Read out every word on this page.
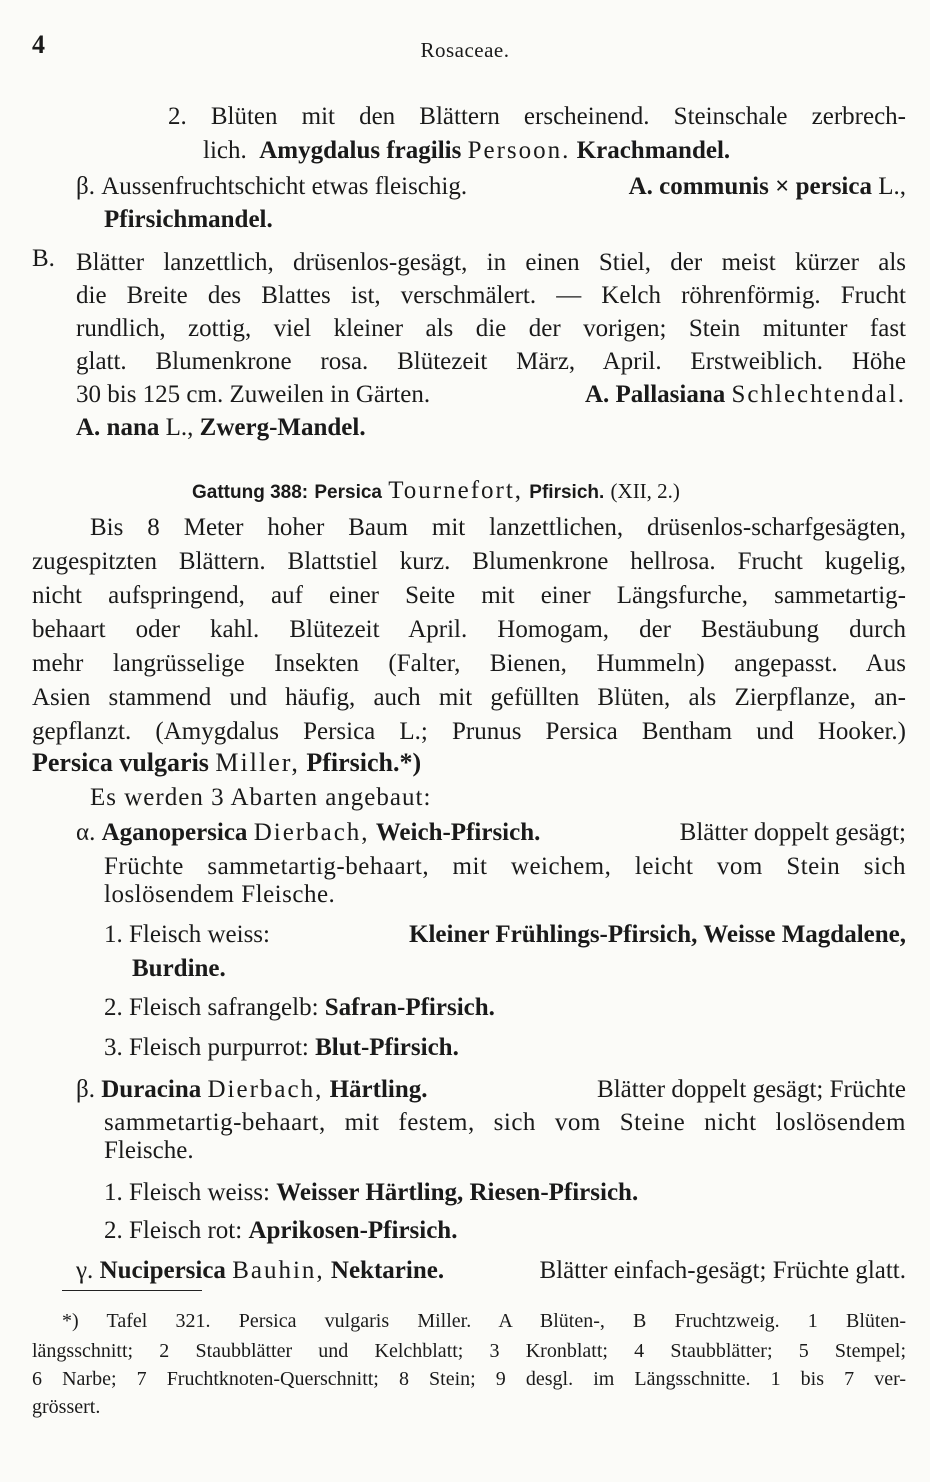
4	Rosaceae.
2. Blüten mit den Blättern erscheinend. Steinschale zerbrech-
lich. Amygdalus fragilis Persoon. Krachmandel.
β. Aussenfruchtschicht etwas fleischig.	A. communis × persica L.,
Pfirsichmandel.
B. Blätter lanzettlich, drüsenlos-gesägt, in einen Stiel, der meist kürzer als
die Breite des Blattes ist, verschmälert. — Kelch röhrenförmig. Frucht
rundlich, zottig, viel kleiner als die der vorigen; Stein mitunter fast
glatt. Blumenkrone rosa. Blütezeit März, April. Erstweiblich. Höhe
30 bis 125 cm. Zuweilen in Gärten.	A. Pallasiana Schlechtendal.
A. nana L., Zwerg-Mandel.
Gattung 388: Persica Tournefort, Pfirsich. (XII, 2.)
Bis 8 Meter hoher Baum mit lanzettlichen, drüsenlos-scharfgesägten,
zugespitzten Blättern. Blattstiel kurz. Blumenkrone hellrosa. Frucht kugelig,
nicht aufspringend, auf einer Seite mit einer Längsfurche, sammetartig-
behaart oder kahl. Blütezeit April. Homogam, der Bestäubung durch
mehr langrüsselige Insekten (Falter, Bienen, Hummeln) angepasst. Aus
Asien stammend und häufig, auch mit gefüllten Blüten, als Zierpflanze, an-
gepflanzt. (Amygdalus Persica L.; Prunus Persica Bentham und Hooker.)
Persica vulgaris Miller, Pfirsich.*)
Es werden 3 Abarten angebaut:
α. Aganopersica Dierbach, Weich-Pfirsich.	Blätter doppelt gesägt;
Früchte sammetartig-behaart, mit weichem, leicht vom Stein sich
loslösendem Fleische.
1. Fleisch weiss:	Kleiner Frühlings-Pfirsich, Weisse Magdalene,
Burdine.
2. Fleisch safrangelb: Safran-Pfirsich.
3. Fleisch purpurrot: Blut-Pfirsich.
β. Duracina Dierbach, Härtling.	Blätter doppelt gesägt; Früchte
sammetartig-behaart, mit festem, sich vom Steine nicht loslösendem
Fleische.
1. Fleisch weiss: Weisser Härtling, Riesen-Pfirsich.
2. Fleisch rot: Aprikosen-Pfirsich.
γ. Nucipersica Bauhin, Nektarine.	Blätter einfach-gesägt; Früchte glatt.
*) Tafel 321. Persica vulgaris Miller. A Blüten-, B Fruchtzweig. 1 Blüten-
längsschnitt; 2 Staubblätter und Kelchblatt; 3 Kronblatt; 4 Staubblätter; 5 Stempel;
6 Narbe; 7 Fruchtknoten-Querschnitt; 8 Stein; 9 desgl. im Längsschnitte. 1 bis 7 ver-
grössert.
